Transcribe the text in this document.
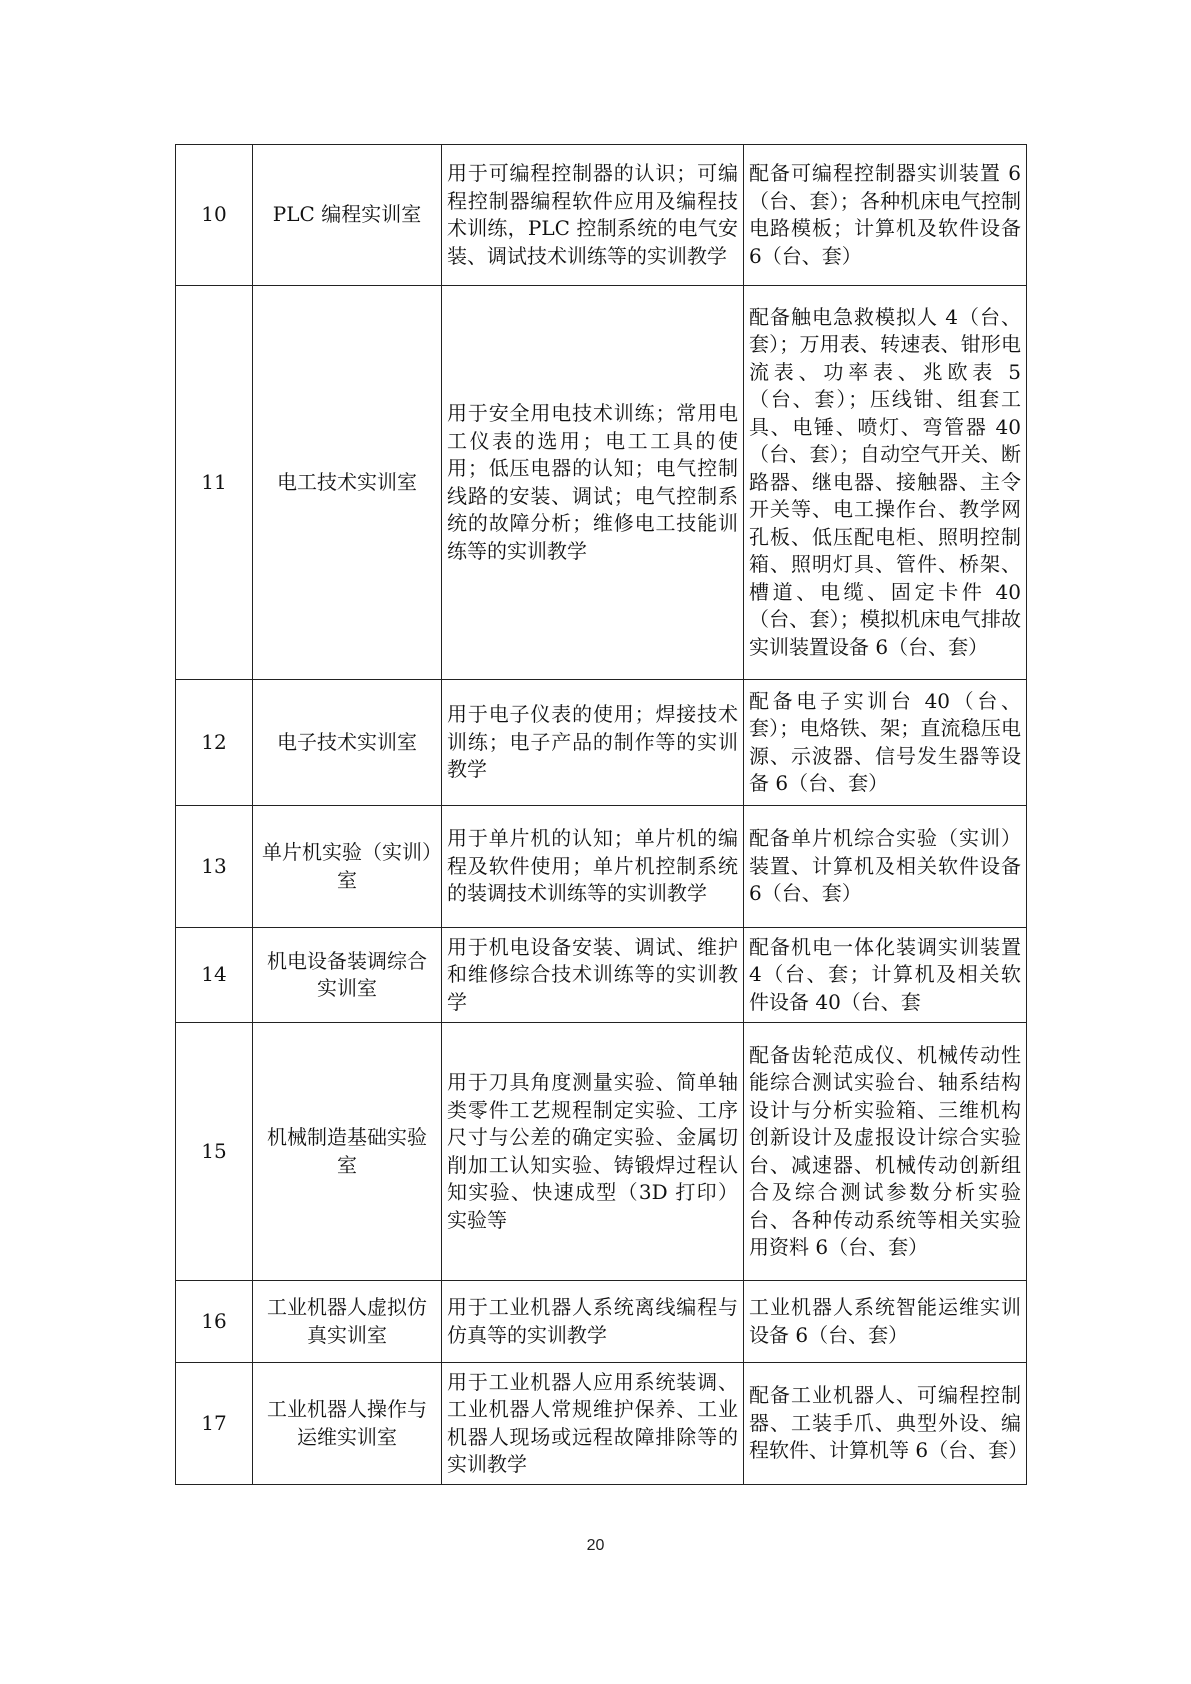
10	PLC 编程实训室	用于可编程控制器的认识；可编程控制器编程软件应用及编程技术训练，PLC 控制系统的电气安装、调试技术训练等的实训教学	配备可编程控制器实训装置 6（台、套）；各种机床电气控制电路模板；计算机及软件设备 6（台、套）
11	电工技术实训室	用于安全用电技术训练；常用电工仪表的选用；电工工具的使用；低压电器的认知；电气控制线路的安装、调试；电气控制系统的故障分析；维修电工技能训练等的实训教学	配备触电急救模拟人 4（台、套）；万用表、转速表、钳形电流表、功率表、兆欧表 5（台、套）；压线钳、组套工具、电锤、喷灯、弯管器 40（台、套）；自动空气开关、断路器、继电器、接触器、主令开关等、电工操作台、教学网孔板、低压配电柜、照明控制箱、照明灯具、管件、桥架、槽道、电缆、固定卡件 40（台、套）；模拟机床电气排故实训装置设备 6（台、套）
12	电子技术实训室	用于电子仪表的使用；焊接技术训练；电子产品的制作等的实训教学	配备电子实训台 40（台、套）；电烙铁、架；直流稳压电源、示波器、信号发生器等设备 6（台、套）
13	单片机实验（实训）室	用于单片机的认知；单片机的编程及软件使用；单片机控制系统的装调技术训练等的实训教学	配备单片机综合实验（实训）装置、计算机及相关软件设备 6（台、套）
14	机电设备装调综合实训室	用于机电设备安装、调试、维护和维修综合技术训练等的实训教学	配备机电一体化装调实训装置 4（台、套；计算机及相关软件设备 40（台、套
15	机械制造基础实验室	用于刀具角度测量实验、简单轴类零件工艺规程制定实验、工序尺寸与公差的确定实验、金属切削加工认知实验、铸锻焊过程认知实验、快速成型（3D 打印）实验等	配备齿轮范成仪、机械传动性能综合测试实验台、轴系结构设计与分析实验箱、三维机构创新设计及虚报设计综合实验台、减速器、机械传动创新组合及综合测试参数分析实验台、各种传动系统等相关实验用资料 6（台、套）
16	工业机器人虚拟仿真实训室	用于工业机器人系统离线编程与仿真等的实训教学	工业机器人系统智能运维实训设备 6（台、套）
17	工业机器人操作与运维实训室	用于工业机器人应用系统装调、工业机器人常规维护保养、工业机器人现场或远程故障排除等的实训教学	配备工业机器人、可编程控制器、工装手爪、典型外设、编程软件、计算机等 6（台、套）
20
